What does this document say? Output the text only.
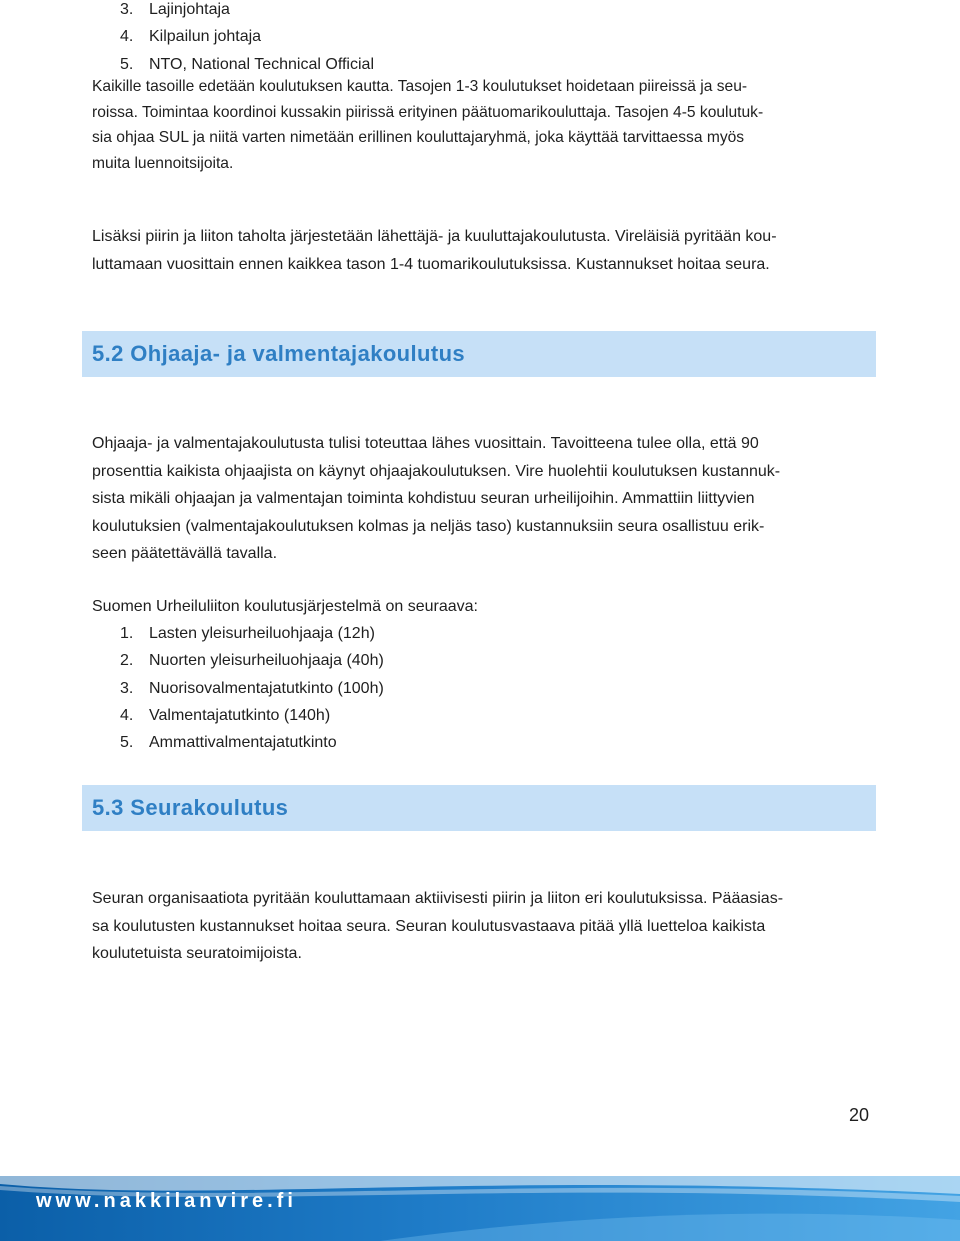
3. Lajinjohtaja
4. Kilpailun johtaja
5. NTO, National Technical Official

Kaikille tasoille edetään koulutuksen kautta. Tasojen 1-3 koulutukset hoidetaan piireissä ja seu-
roissa. Toimintaa koordinoi kussakin piirissä erityinen päätuomarikouluttaja. Tasojen 4-5 koulutuk-
sia ohjaa SUL ja niitä varten nimetään erillinen kouluttajaryhmä, joka käyttää tarvittaessa myös
muita luennoitsijoita.

Lisäksi piirin ja liiton taholta järjestetään lähettäjä- ja kuuluttajakoulutusta. Vireläisiä pyritään kou-
luttamaan vuosittain ennen kaikkea tason 1-4 tuomarikoulutuksissa. Kustannukset hoitaa seura.

5.2 Ohjaaja- ja valmentajakoulutus

Ohjaaja- ja valmentajakoulutusta tulisi toteuttaa lähes vuosittain. Tavoitteena tulee olla, että 90
prosenttia kaikista ohjaajista on käynyt ohjaajakoulutuksen. Vire huolehtii koulutuksen kustannuk-
sista mikäli ohjaajan ja valmentajan toiminta kohdistuu seuran urheilijoihin. Ammattiin liittyvien
koulutuksien (valmentajakoulutuksen kolmas ja neljäs taso) kustannuksiin seura osallistuu erik-
seen päätettävällä tavalla.

Suomen Urheiluliiton koulutusjärjestelmä on seuraava:

1. Lasten yleisurheiluohjaaja (12h)
2. Nuorten yleisurheiluohjaaja (40h)
3. Nuorisovalmentajatutkinto (100h)
4. Valmentajatutkinto (140h)
5. Ammattivalmentajatutkinto
5.3 Seurakoulutus

Seuran organisaatiota pyritään kouluttamaan aktiivisesti piirin ja liiton eri koulutuksissa. Pääasias-
sa koulutusten kustannukset hoitaa seura. Seuran koulutusvastaava pitää yllä luetteloa kaikista
koulutetuista seuratoimijoista.

20
www.nakkilanvire.fi
